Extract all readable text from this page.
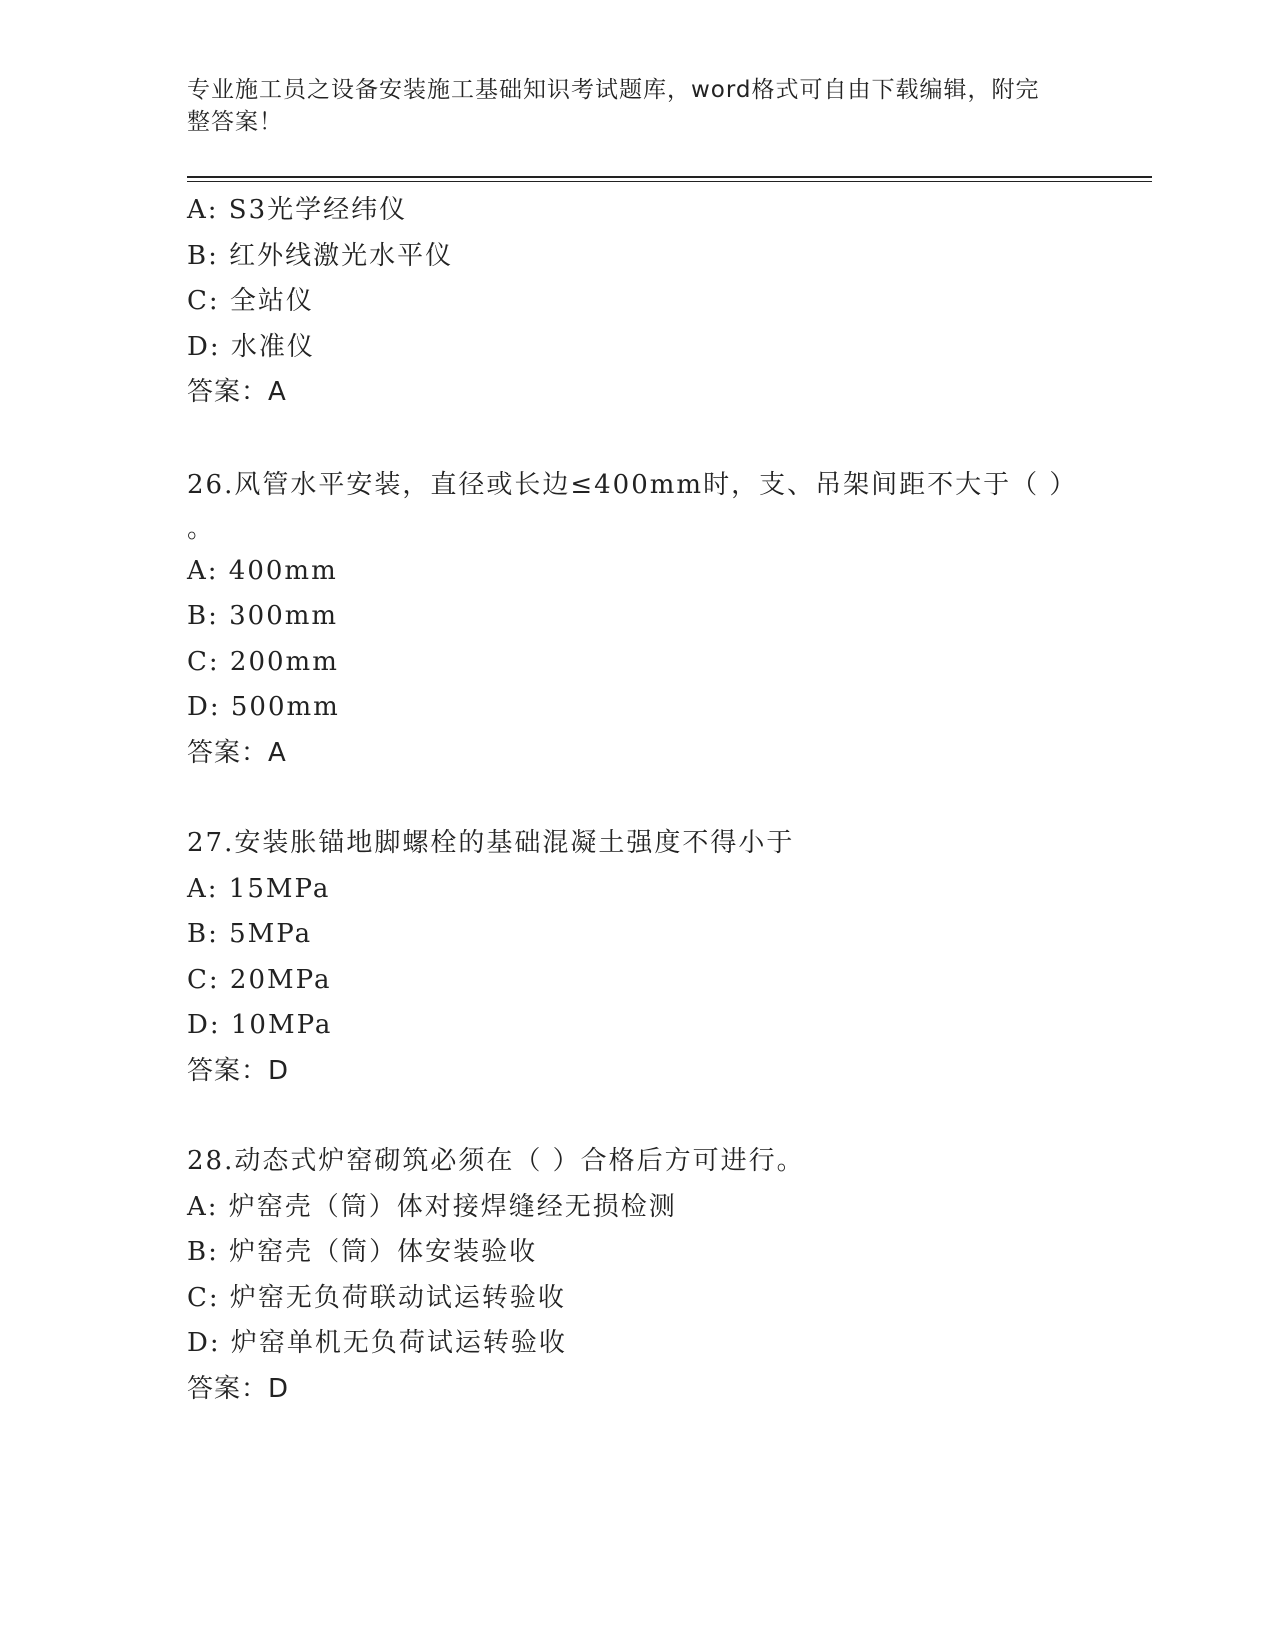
专业施工员之设备安装施工基础知识考试题库，word格式可自由下载编辑，附完
整答案！
A: S3光学经纬仪
B: 红外线激光水平仪
C: 全站仪
D: 水准仪
答案：A
26.风管水平安装，直径或长边≤400mm时，支、吊架间距不大于（ ）
。
A: 400mm
B: 300mm
C: 200mm
D: 500mm
答案：A
27.安装胀锚地脚螺栓的基础混凝土强度不得小于
A: 15MPa
B: 5MPa
C: 20MPa
D: 10MPa
答案：D
28.动态式炉窑砌筑必须在（ ）合格后方可进行。
A: 炉窑壳（筒）体对接焊缝经无损检测
B: 炉窑壳（筒）体安装验收
C: 炉窑无负荷联动试运转验收
D: 炉窑单机无负荷试运转验收
答案：D
